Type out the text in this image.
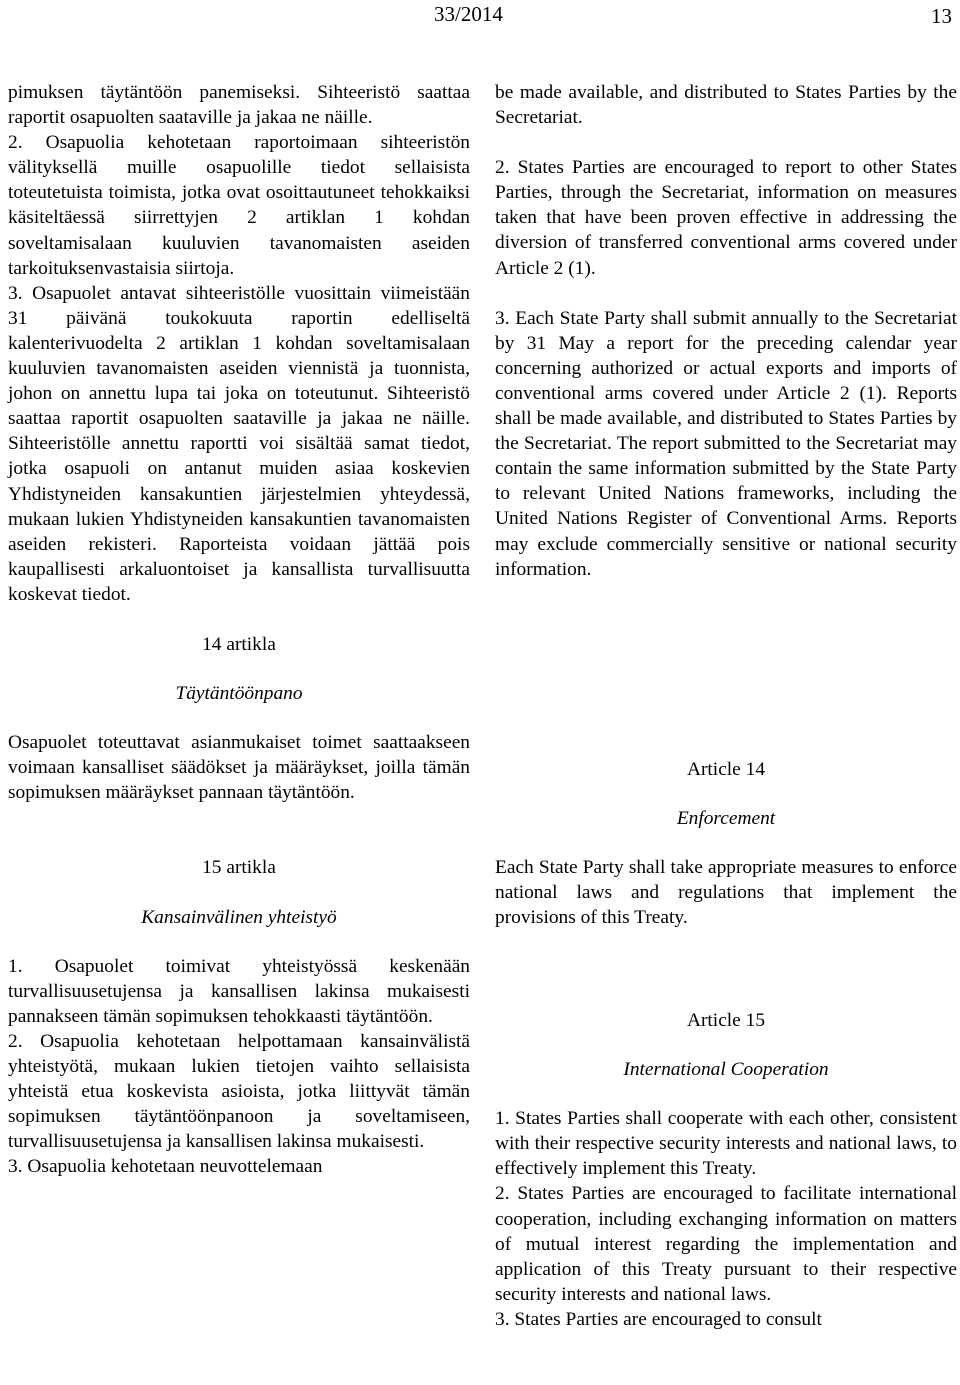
33/2014	13

pimuksen täytäntöön panemiseksi. Sihteeristö saattaa raportit osapuolten saataville ja jakaa ne näille.

2. Osapuolia kehotetaan raportoimaan sihteeristön välityksellä muille osapuolille tiedot sellaisista toteutetuista toimista, jotka ovat osoittautuneet tehokkaiksi käsiteltäessä siirrettyjen 2 artiklan 1 kohdan soveltamisalaan kuuluvien tavanomaisten aseiden tarkoituksenvastaisia siirtoja.

3. Osapuolet antavat sihteeristölle vuosittain viimeistään 31 päivänä toukokuuta raportin edelliseltä kalenterivuodelta 2 artiklan 1 kohdan soveltamisalaan kuuluvien tavanomaisten aseiden viennistä ja tuonnista, johon on annettu lupa tai joka on toteutunut. Sihteeristö saattaa raportit osapuolten saataville ja jakaa ne näille. Sihteeristölle annettu raportti voi sisältää samat tiedot, jotka osapuoli on antanut muiden asiaa koskevien Yhdistyneiden kansakuntien järjestelmien yhteydessä, mukaan lukien Yhdistyneiden kansakuntien tavanomaisten aseiden rekisteri. Raporteista voidaan jättää pois kaupallisesti arkaluontoiset ja kansallista turvallisuutta koskevat tiedot.

14 artikla

Täytäntöönpano

Osapuolet toteuttavat asianmukaiset toimet saattaakseen voimaan kansalliset säädökset ja määräykset, joilla tämän sopimuksen määräykset pannaan täytäntöön.

15 artikla

Kansainvälinen yhteistyö

1. Osapuolet toimivat yhteistyössä keskenään turvallisuusetujensa ja kansallisen lakinsa mukaisesti pannakseen tämän sopimuksen tehokkaasti täytäntöön.

2. Osapuolia kehotetaan helpottamaan kansainvälistä yhteistyötä, mukaan lukien tietojen vaihto sellaisista yhteistä etua koskevista asioista, jotka liittyvät tämän sopimuksen täytäntöönpanoon ja soveltamiseen, turvallisuusetujensa ja kansallisen lakinsa mukaisesti.

3. Osapuolia kehotetaan neuvottelemaan

be made available, and distributed to States Parties by the Secretariat.

2. States Parties are encouraged to report to other States Parties, through the Secretariat, information on measures taken that have been proven effective in addressing the diversion of transferred conventional arms covered under Article 2 (1).

3. Each State Party shall submit annually to the Secretariat by 31 May a report for the preceding calendar year concerning authorized or actual exports and imports of conventional arms covered under Article 2 (1). Reports shall be made available, and distributed to States Parties by the Secretariat. The report submitted to the Secretariat may contain the same information submitted by the State Party to relevant United Nations frameworks, including the United Nations Register of Conventional Arms. Reports may exclude commercially sensitive or national security information.

Article 14

Enforcement

Each State Party shall take appropriate measures to enforce national laws and regulations that implement the provisions of this Treaty.

Article 15

International Cooperation

1. States Parties shall cooperate with each other, consistent with their respective security interests and national laws, to effectively implement this Treaty.

2. States Parties are encouraged to facilitate international cooperation, including exchanging information on matters of mutual interest regarding the implementation and application of this Treaty pursuant to their respective security interests and national laws.

3. States Parties are encouraged to consult
